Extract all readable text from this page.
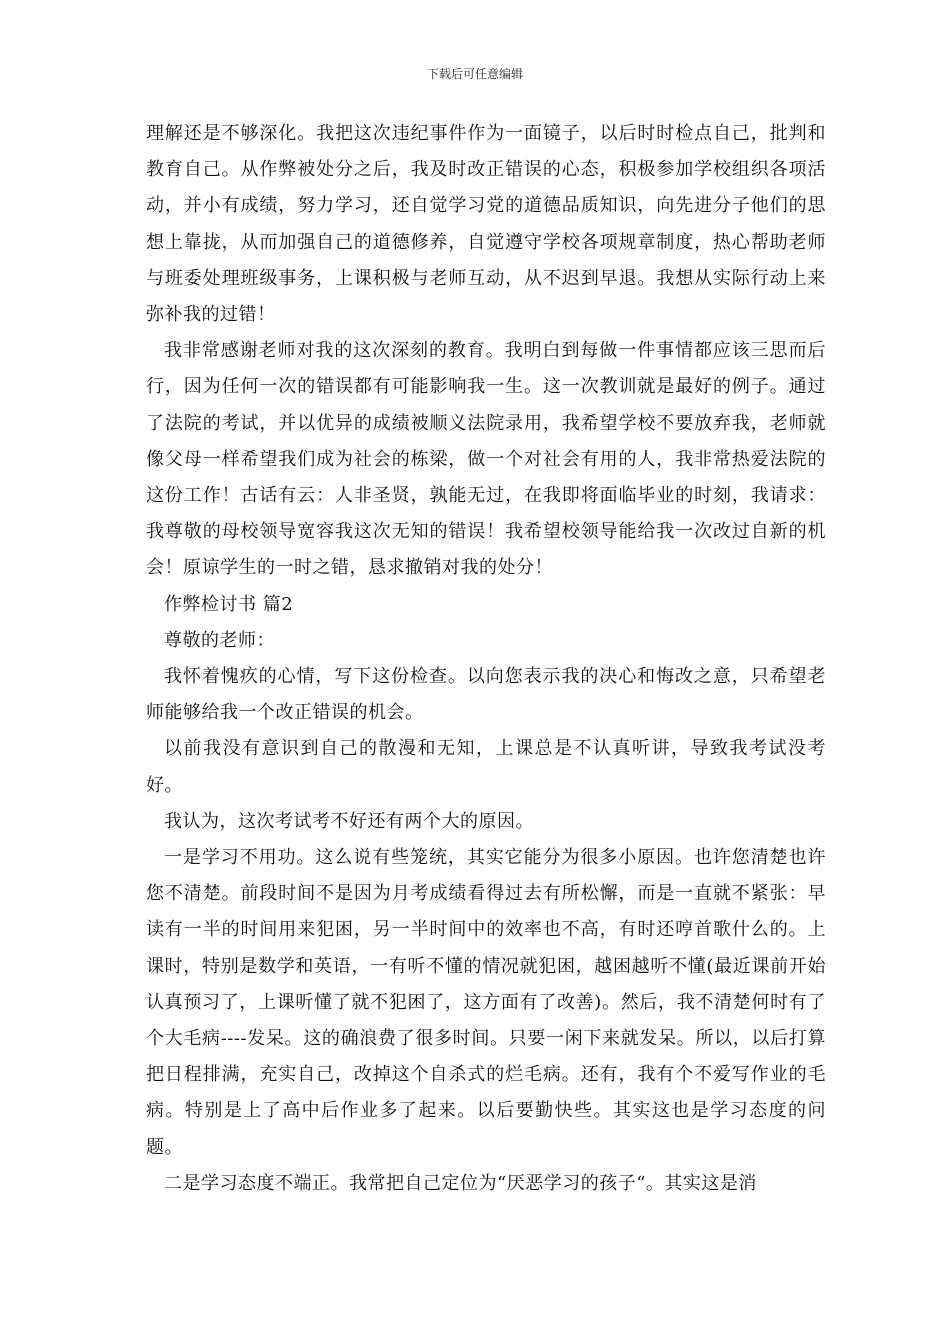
下载后可任意编辑

理解还是不够深化。我把这次违纪事件作为一面镜子，以后时时检点自己，批判和教育自己。从作弊被处分之后，我及时改正错误的心态，积极参加学校组织各项活动，并小有成绩，努力学习，还自觉学习党的道德品质知识，向先进分子他们的思想上靠拢，从而加强自己的道德修养，自觉遵守学校各项规章制度，热心帮助老师与班委处理班级事务，上课积极与老师互动，从不迟到早退。我想从实际行动上来弥补我的过错！

我非常感谢老师对我的这次深刻的教育。我明白到每做一件事情都应该三思而后行，因为任何一次的错误都有可能影响我一生。这一次教训就是最好的例子。通过了法院的考试，并以优异的成绩被顺义法院录用，我希望学校不要放弃我，老师就像父母一样希望我们成为社会的栋梁，做一个对社会有用的人，我非常热爱法院的这份工作！古话有云：人非圣贤，孰能无过，在我即将面临毕业的时刻，我请求：我尊敬的母校领导宽容我这次无知的错误！我希望校领导能给我一次改过自新的机会！原谅学生的一时之错，恳求撤销对我的处分！

作弊检讨书 篇2

尊敬的老师：

我怀着愧疚的心情，写下这份检查。以向您表示我的决心和悔改之意，只希望老师能够给我一个改正错误的机会。

以前我没有意识到自己的散漫和无知，上课总是不认真听讲，导致我考试没考好。

我认为，这次考试考不好还有两个大的原因。

一是学习不用功。这么说有些笼统，其实它能分为很多小原因。也许您清楚也许您不清楚。前段时间不是因为月考成绩看得过去有所松懈，而是一直就不紧张：早读有一半的时间用来犯困，另一半时间中的效率也不高，有时还哼首歌什么的。上课时，特别是数学和英语，一有听不懂的情况就犯困，越困越听不懂(最近课前开始认真预习了，上课听懂了就不犯困了，这方面有了改善)。然后，我不清楚何时有了个大毛病----发呆。这的确浪费了很多时间。只要一闲下来就发呆。所以，以后打算把日程排满，充实自己，改掉这个自杀式的烂毛病。还有，我有个不爱写作业的毛病。特别是上了高中后作业多了起来。以后要勤快些。其实这也是学习态度的问题。

二是学习态度不端正。我常把自己定位为“厌恶学习的孩子“。其实这是消
